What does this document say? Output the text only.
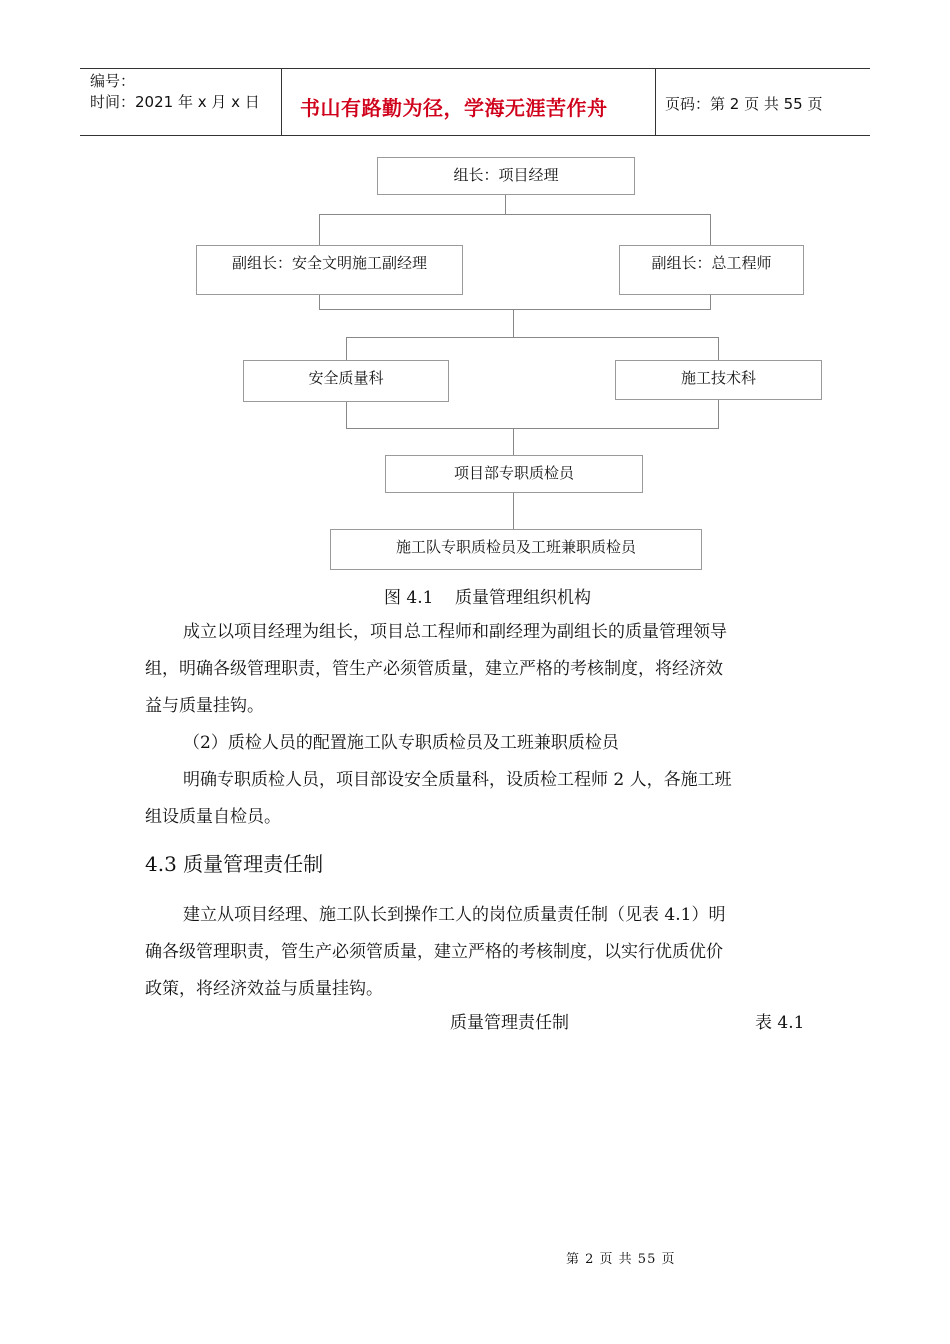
编号：
时间：2021 年 x 月 x 日 书山有路勤为径，学海无涯苦作舟	页码：第 2 页 共 55 页
组长：项目经理
副组长：安全文明施工副经理	副组长：总工程师
安全质量科	施工技术科
项目部专职质检员
施工队专职质检员及工班兼职质检员
图 4.1    质量管理组织机构
成立以项目经理为组长，项目总工程师和副经理为副组长的质量管理领导
组，明确各级管理职责，管生产必须管质量，建立严格的考核制度，将经济效
益与质量挂钩。
（2）质检人员的配置施工队专职质检员及工班兼职质检员
明确专职质检人员，项目部设安全质量科，设质检工程师 2 人，各施工班
组设质量自检员。
4.3 质量管理责任制
建立从项目经理、施工队长到操作工人的岗位质量责任制（见表 4.1）明
确各级管理职责，管生产必须管质量，建立严格的考核制度，以实行优质优价
政策，将经济效益与质量挂钩。
质量管理责任制	表 4.1
第 2 页 共 55 页
